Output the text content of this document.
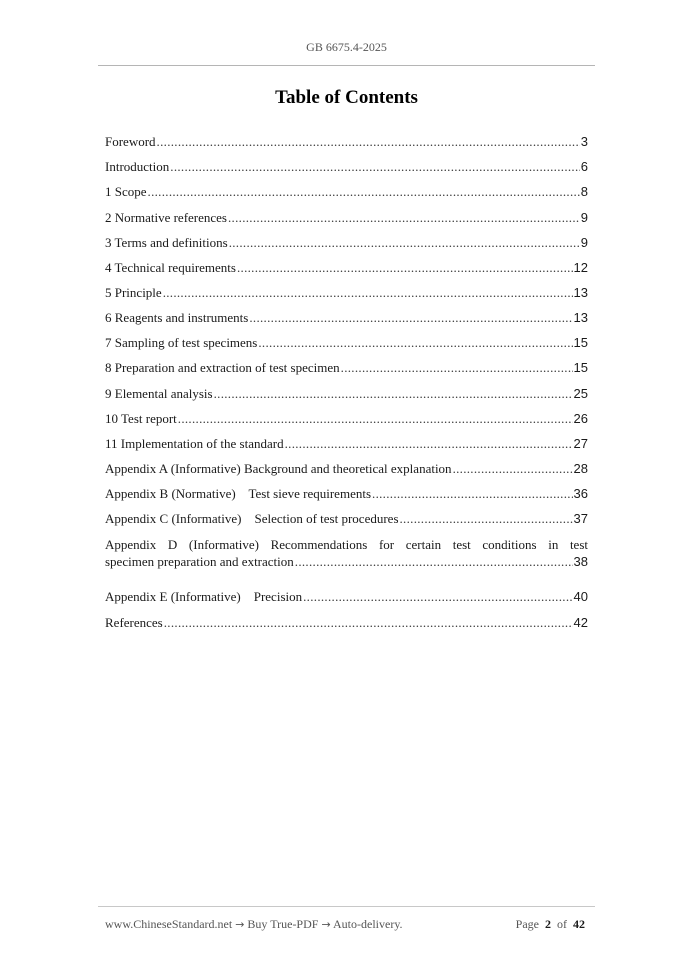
GB 6675.4-2025
Table of Contents
Foreword .....	3
Introduction .....	6
1 Scope .....	8
2 Normative references .....	9
3 Terms and definitions .....	9
4 Technical requirements .....	12
5 Principle .....	13
6 Reagents and instruments .....	13
7 Sampling of test specimens .....	15
8 Preparation and extraction of test specimen .....	15
9 Elemental analysis .....	25
10 Test report .....	26
11 Implementation of the standard .....	27
Appendix A (Informative) Background and theoretical explanation .....	28
Appendix B (Normative)    Test sieve requirements .....	36
Appendix C (Informative)    Selection of test procedures .....	37
Appendix D (Informative) Recommendations for certain test conditions in test
specimen preparation and extraction .....	38
Appendix E (Informative)    Precision .....	40
References .....	42
www.ChineseStandard.net → Buy True-PDF → Auto-delivery.	Page 2 of 42
